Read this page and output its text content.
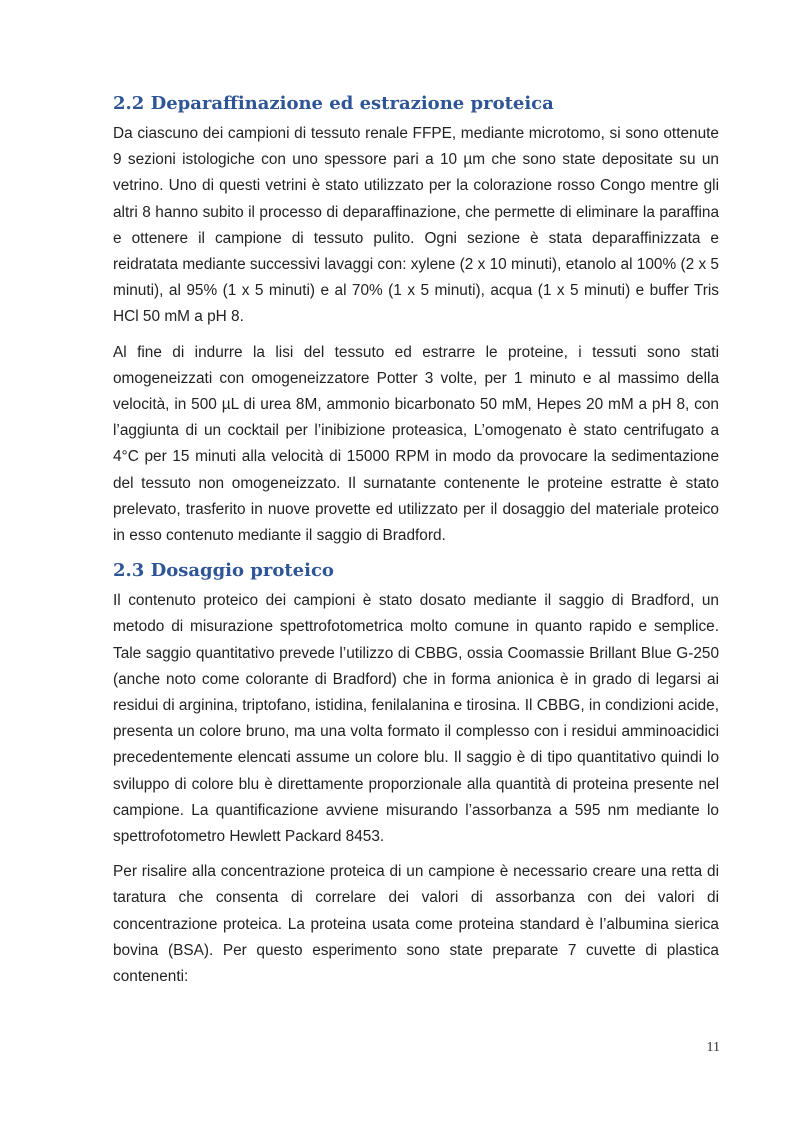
2.2 Deparaffinazione ed estrazione proteica

Da ciascuno dei campioni di tessuto renale FFPE, mediante microtomo, si sono ottenute 9 sezioni istologiche con uno spessore pari a 10 µm che sono state depositate su un vetrino. Uno di questi vetrini è stato utilizzato per la colorazione rosso Congo mentre gli altri 8 hanno subito il processo di deparaffinazione, che permette di eliminare la paraffina e ottenere il campione di tessuto pulito. Ogni sezione è stata deparaffinizzata e reidratata mediante successivi lavaggi con: xylene (2 x 10 minuti), etanolo al 100% (2 x 5 minuti), al 95% (1 x 5 minuti) e al 70% (1 x 5 minuti), acqua (1 x 5 minuti) e buffer Tris HCl 50 mM a pH 8.

Al fine di indurre la lisi del tessuto ed estrarre le proteine, i tessuti sono stati omogeneizzati con omogeneizzatore Potter 3 volte, per 1 minuto e al massimo della velocità, in 500 µL di urea 8M, ammonio bicarbonato 50 mM, Hepes 20 mM a pH 8, con l’aggiunta di un cocktail per l’inibizione proteasica, L’omogenato è stato centrifugato a 4°C per 15 minuti alla velocità di 15000 RPM in modo da provocare la sedimentazione del tessuto non omogeneizzato. Il surnatante contenente le proteine estratte è stato prelevato, trasferito in nuove provette ed utilizzato per il dosaggio del materiale proteico in esso contenuto mediante il saggio di Bradford.

2.3 Dosaggio proteico

Il contenuto proteico dei campioni è stato dosato mediante il saggio di Bradford, un metodo di misurazione spettrofotometrica molto comune in quanto rapido e semplice. Tale saggio quantitativo prevede l’utilizzo di CBBG, ossia Coomassie Brillant Blue G-250 (anche noto come colorante di Bradford) che in forma anionica è in grado di legarsi ai residui di arginina, triptofano, istidina, fenilalanina e tirosina. Il CBBG, in condizioni acide, presenta un colore bruno, ma una volta formato il complesso con i residui amminoacidici precedentemente elencati assume un colore blu. Il saggio è di tipo quantitativo quindi lo sviluppo di colore blu è direttamente proporzionale alla quantità di proteina presente nel campione. La quantificazione avviene misurando l’assorbanza a 595 nm mediante lo spettrofotometro Hewlett Packard 8453.

Per risalire alla concentrazione proteica di un campione è necessario creare una retta di taratura che consenta di correlare dei valori di assorbanza con dei valori di concentrazione proteica. La proteina usata come proteina standard è l’albumina sierica bovina (BSA). Per questo esperimento sono state preparate 7 cuvette di plastica contenenti:

11
